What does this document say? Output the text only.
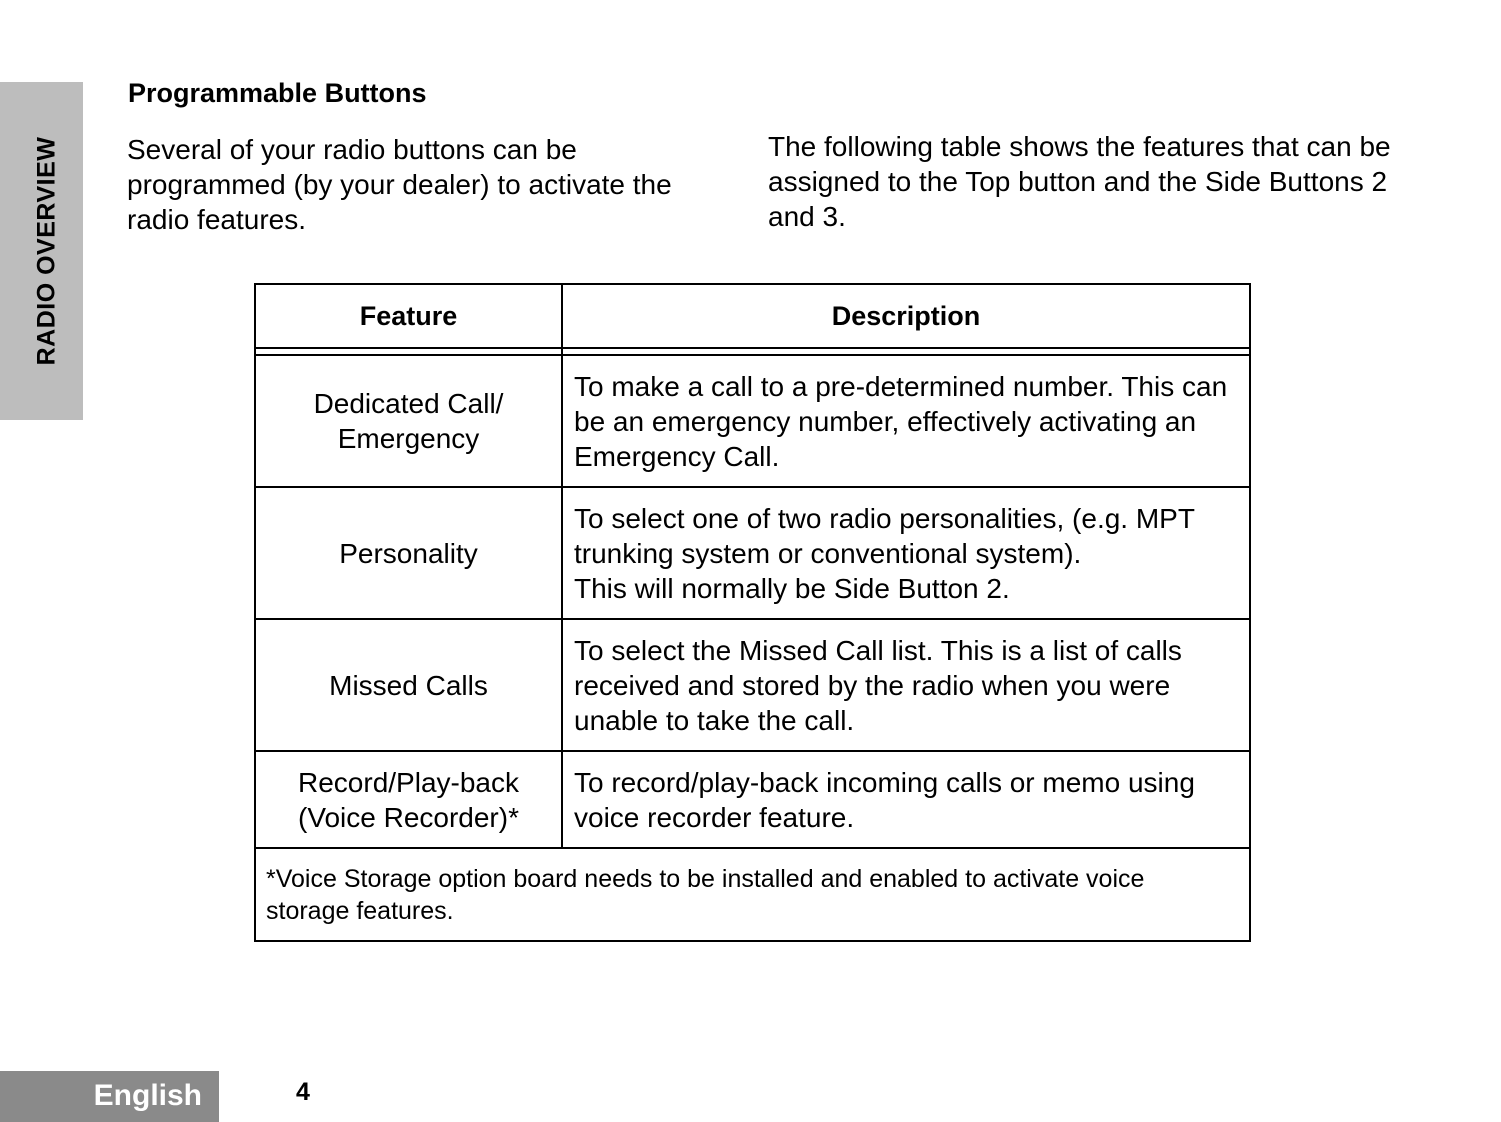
RADIO OVERVIEW
Programmable Buttons

Several of your radio buttons can be programmed (by your dealer) to activate the radio features.

The following table shows the features that can be assigned to the Top button and the Side Buttons 2 and 3.

Feature	Description

Dedicated Call/
Emergency	To make a call to a pre-determined number. This can
be an emergency number, effectively activating an
Emergency Call.
Personality	To select one of two radio personalities, (e.g. MPT
trunking system or conventional system).
This will normally be Side Button 2.
Missed Calls	To select the Missed Call list. This is a list of calls
received and stored by the radio when you were
unable to take the call.
Record/Play-back
(Voice Recorder)*	To record/play-back incoming calls or memo using
voice recorder feature.
*Voice Storage option board needs to be installed and enabled to activate voice
storage features.	
English	4
